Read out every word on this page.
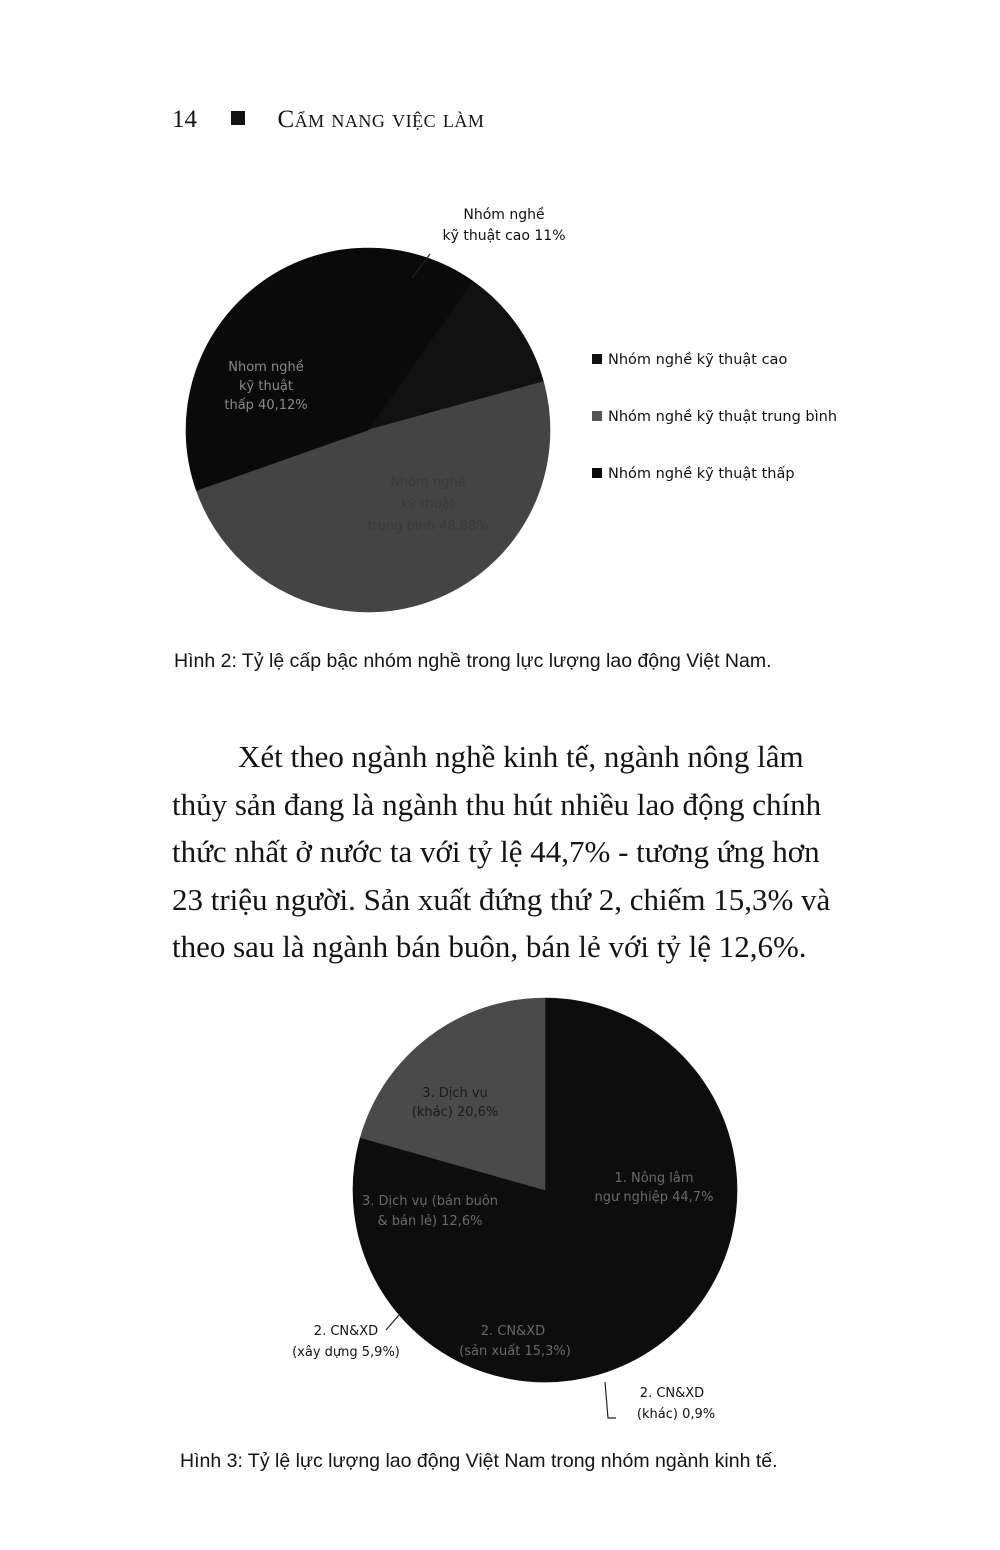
14	Cẩm nang việc làm
Nhóm nghề
kỹ thuật cao 11%
Nhom nghề
kỹ thuật
thấp 40,12%
Nhóm nghề
kỹ thuật
trung bình 48,88%
Nhóm nghề kỹ thuật cao
Nhóm nghề kỹ thuật trung bình
Nhóm nghề kỹ thuật thấp
Hình 2: Tỷ lệ cấp bậc nhóm nghề trong lực lượng lao động Việt Nam.
Xét theo ngành nghề kinh tế, ngành nông lâm
thủy sản đang là ngành thu hút nhiều lao động chính
thức nhất ở nước ta với tỷ lệ 44,7% - tương ứng hơn
23 triệu người. Sản xuất đứng thứ 2, chiếm 15,3% và
theo sau là ngành bán buôn, bán lẻ với tỷ lệ 12,6%.
1. Nông lâm
ngư nghiệp 44,7%
3. Dịch vụ (bán buôn
& bán lẻ) 12,6%
3. Dịch vụ
(khác) 20,6%
2. CN&XD
(sản xuất 15,3%)
2. CN&XD
(xây dựng 5,9%)
2. CN&XD
(khác) 0,9%
Hình 3: Tỷ lệ lực lượng lao động Việt Nam trong nhóm ngành kinh tế.
